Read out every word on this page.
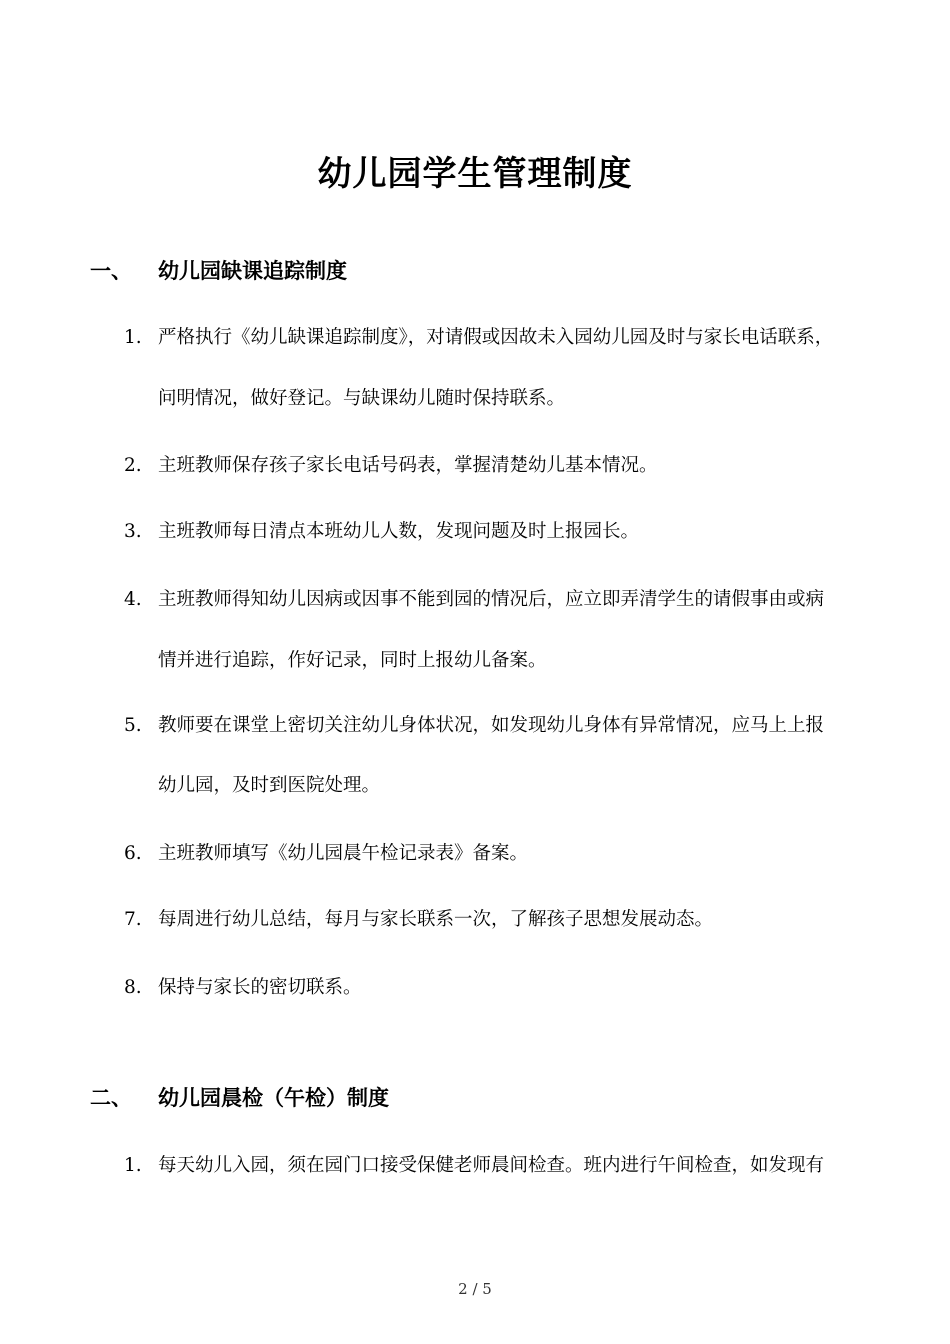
幼儿园学生管理制度
一、 幼儿园缺课追踪制度
1. 严格执行《幼儿缺课追踪制度》，对请假或因故未入园幼儿园及时与家长电话联系，
问明情况，做好登记。与缺课幼儿随时保持联系。
2. 主班教师保存孩子家长电话号码表，掌握清楚幼儿基本情况。
3. 主班教师每日清点本班幼儿人数，发现问题及时上报园长。
4. 主班教师得知幼儿因病或因事不能到园的情况后，应立即弄清学生的请假事由或病
情并进行追踪，作好记录，同时上报幼儿备案。
5. 教师要在课堂上密切关注幼儿身体状况，如发现幼儿身体有异常情况，应马上上报
幼儿园，及时到医院处理。
6. 主班教师填写《幼儿园晨午检记录表》备案。
7. 每周进行幼儿总结，每月与家长联系一次，了解孩子思想发展动态。
8. 保持与家长的密切联系。
二、 幼儿园晨检（午检）制度
1. 每天幼儿入园，须在园门口接受保健老师晨间检查。班内进行午间检查，如发现有
2 / 5
